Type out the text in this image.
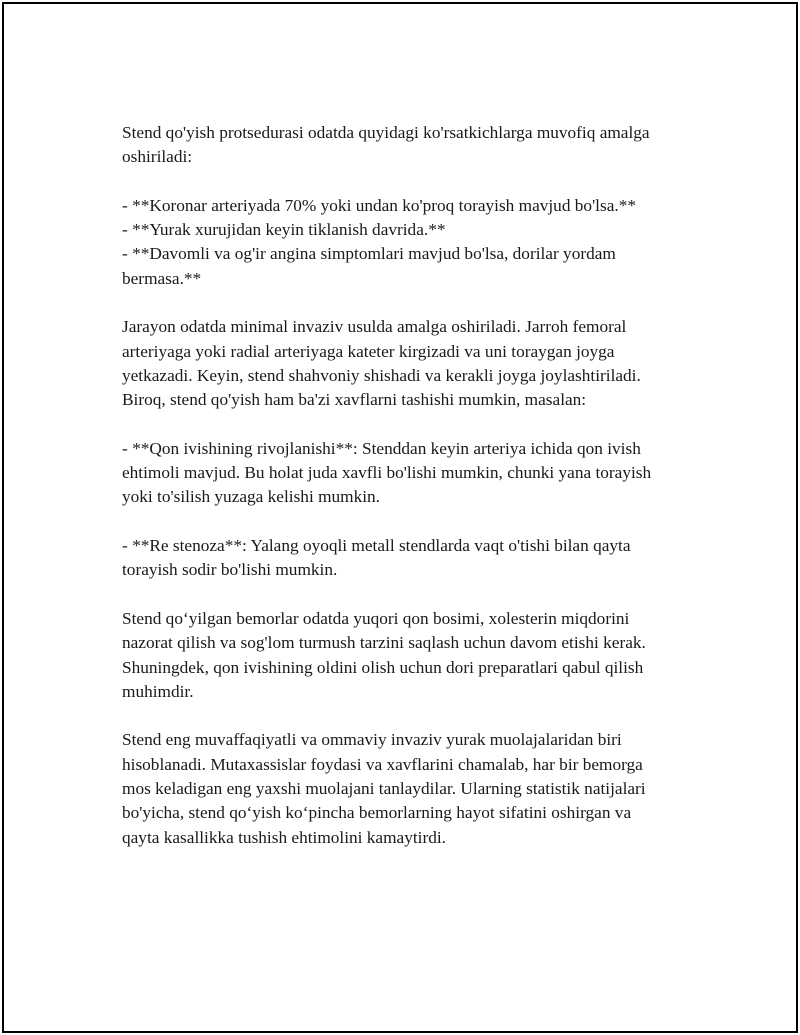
Stend qo'yish protsedurasi odatda quyidagi ko'rsatkichlarga muvofiq amalga
oshiriladi:
- **Koronar arteriyada 70% yoki undan ko'proq torayish mavjud bo'lsa.**
- **Yurak xurujidan keyin tiklanish davrida.**
- **Davomli va og'ir angina simptomlari mavjud bo'lsa, dorilar yordam
bermasa.**
Jarayon odatda minimal invaziv usulda amalga oshiriladi. Jarroh femoral
arteriyaga yoki radial arteriyaga kateter kirgizadi va uni toraygan joyga
yetkazadi. Keyin, stend shahvoniy shishadi va kerakli joyga joylashtiriladi.
Biroq, stend qo'yish ham ba'zi xavflarni tashishi mumkin, masalan:
- **Qon ivishining rivojlanishi**: Stenddan keyin arteriya ichida qon ivish
ehtimoli mavjud. Bu holat juda xavfli bo'lishi mumkin, chunki yana torayish
yoki to'silish yuzaga kelishi mumkin.
- **Re stenoza**: Yalang oyoqli metall stendlarda vaqt o'tishi bilan qayta
torayish sodir bo'lishi mumkin.
Stend qo‘yilgan bemorlar odatda yuqori qon bosimi, xolesterin miqdorini
nazorat qilish va sog'lom turmush tarzini saqlash uchun davom etishi kerak.
Shuningdek, qon ivishining oldini olish uchun dori preparatlari qabul qilish
muhimdir.
Stend eng muvaffaqiyatli va ommaviy invaziv yurak muolajalaridan biri
hisoblanadi. Mutaxassislar foydasi va xavflarini chamalab, har bir bemorga
mos keladigan eng yaxshi muolajani tanlaydilar. Ularning statistik natijalari
bo'yicha, stend qo‘yish ko‘pincha bemorlarning hayot sifatini oshirgan va
qayta kasallikka tushish ehtimolini kamaytirdi.
